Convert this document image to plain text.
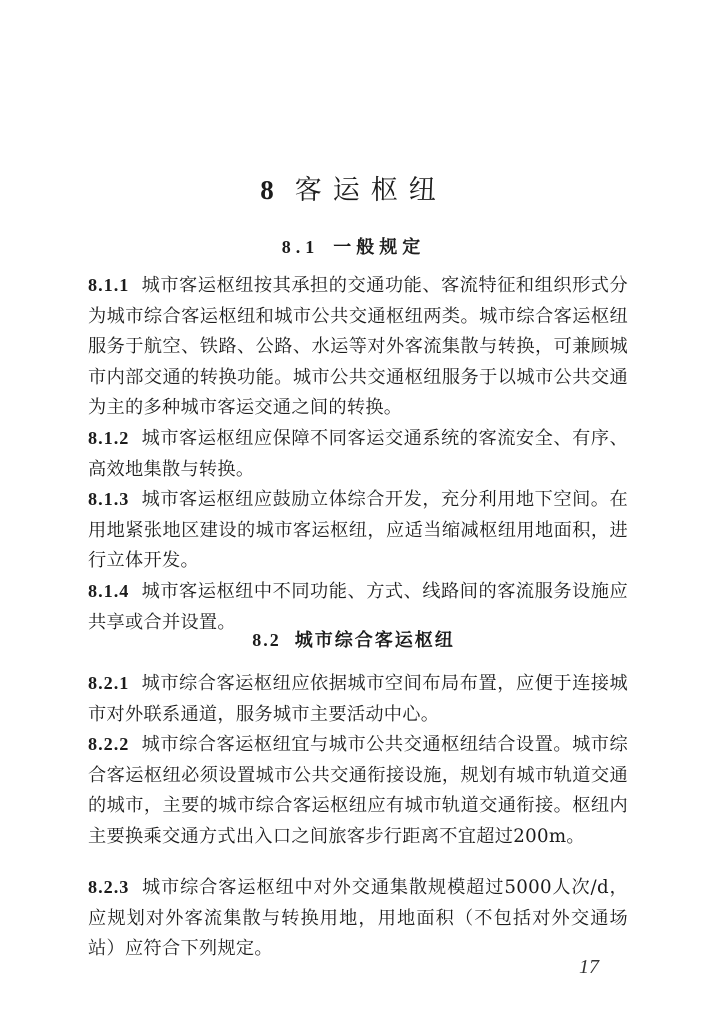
8 客运枢纽
8.1 一般规定
8.1.1 城市客运枢纽按其承担的交通功能、客流特征和组织形式分为城市综合客运枢纽和城市公共交通枢纽两类。城市综合客运枢纽服务于航空、铁路、公路、水运等对外客流集散与转换，可兼顾城市内部交通的转换功能。城市公共交通枢纽服务于以城市公共交通为主的多种城市客运交通之间的转换。
8.1.2 城市客运枢纽应保障不同客运交通系统的客流安全、有序、高效地集散与转换。
8.1.3 城市客运枢纽应鼓励立体综合开发，充分利用地下空间。在用地紧张地区建设的城市客运枢纽，应适当缩减枢纽用地面积，进行立体开发。
8.1.4 城市客运枢纽中不同功能、方式、线路间的客流服务设施应共享或合并设置。
8.2 城市综合客运枢纽
8.2.1 城市综合客运枢纽应依据城市空间布局布置，应便于连接城市对外联系通道，服务城市主要活动中心。
8.2.2 城市综合客运枢纽宜与城市公共交通枢纽结合设置。城市综合客运枢纽必须设置城市公共交通衔接设施，规划有城市轨道交通的城市，主要的城市综合客运枢纽应有城市轨道交通衔接。枢纽内主要换乘交通方式出入口之间旅客步行距离不宜超过200m。
8.2.3 城市综合客运枢纽中对外交通集散规模超过5000人次/d，应规划对外客流集散与转换用地，用地面积（不包括对外交通场站）应符合下列规定。
17
